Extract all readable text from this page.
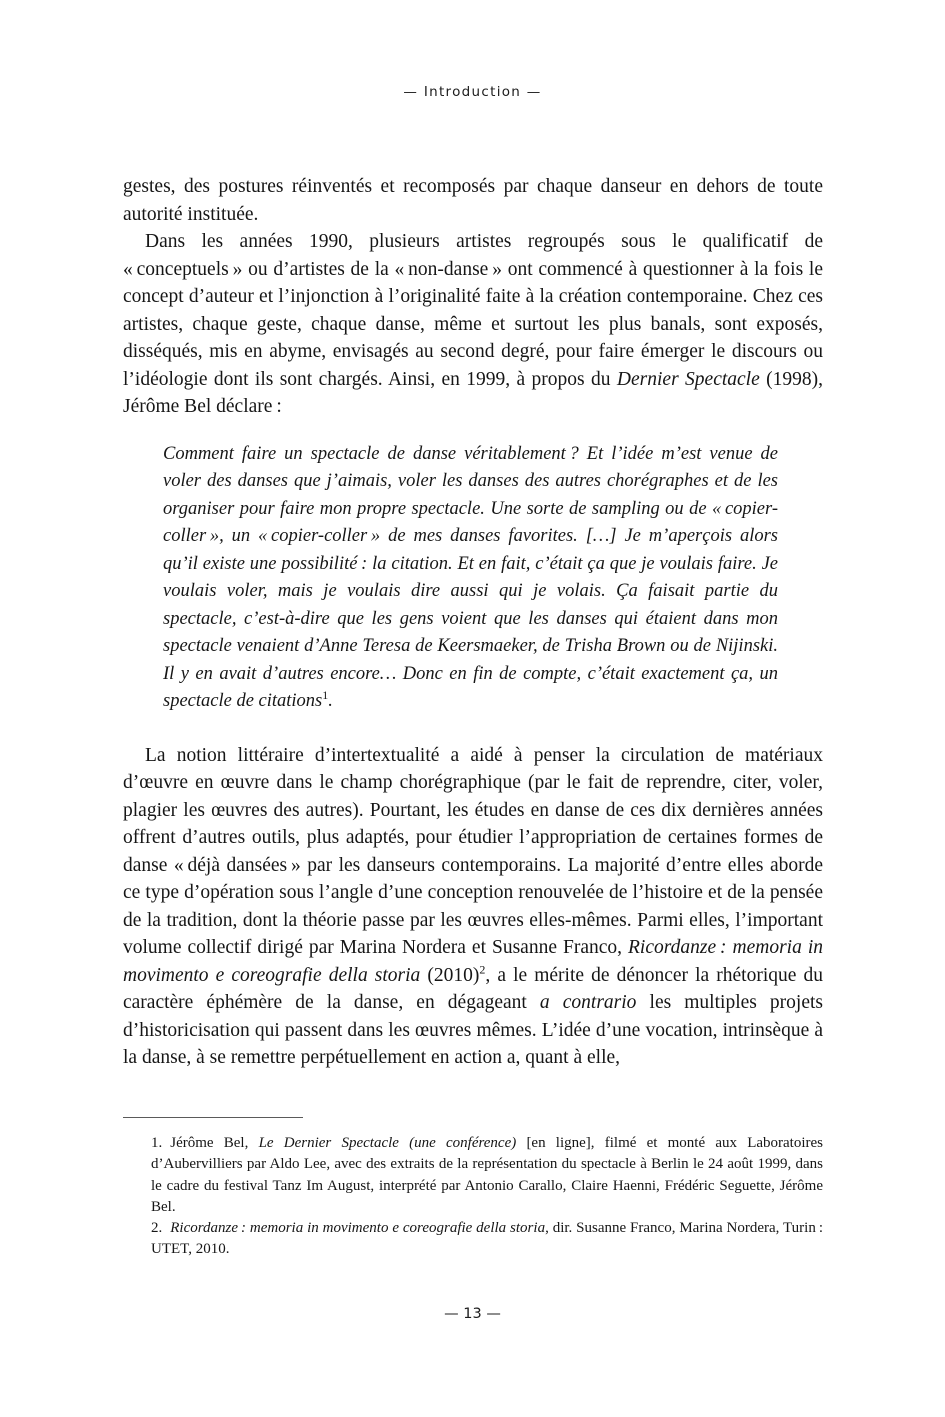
— Introduction —

gestes, des postures réinventés et recomposés par chaque danseur en dehors de toute autorité instituée.

Dans les années 1990, plusieurs artistes regroupés sous le qualificatif de « conceptuels » ou d’artistes de la « non-danse » ont commencé à questionner à la fois le concept d’auteur et l’injonction à l’originalité faite à la création contemporaine. Chez ces artistes, chaque geste, chaque danse, même et surtout les plus banals, sont exposés, disséqués, mis en abyme, envisagés au second degré, pour faire émerger le discours ou l’idéologie dont ils sont chargés. Ainsi, en 1999, à propos du Dernier Spectacle (1998), Jérôme Bel déclare :

Comment faire un spectacle de danse véritablement ? Et l’idée m’est venue de voler des danses que j’aimais, voler les danses des autres chorégraphes et de les organiser pour faire mon propre spectacle. Une sorte de sampling ou de « copier-coller », un « copier-coller » de mes danses favorites. […] Je m’aperçois alors qu’il existe une possibilité : la citation. Et en fait, c’était ça que je voulais faire. Je voulais voler, mais je voulais dire aussi qui je volais. Ça faisait partie du spectacle, c’est-à-dire que les gens voient que les danses qui étaient dans mon spectacle venaient d’Anne Teresa de Keersmaeker, de Trisha Brown ou de Nijinski. Il y en avait d’autres encore… Donc en fin de compte, c’était exactement ça, un spectacle de citations$^1$.

La notion littéraire d’intertextualité a aidé à penser la circulation de matériaux d’œuvre en œuvre dans le champ chorégraphique (par le fait de reprendre, citer, voler, plagier les œuvres des autres). Pourtant, les études en danse de ces dix dernières années offrent d’autres outils, plus adaptés, pour étudier l’appropriation de certaines formes de danse « déjà dansées » par les danseurs contemporains. La majorité d’entre elles aborde ce type d’opération sous l’angle d’une conception renouvelée de l’histoire et de la pensée de la tradition, dont la théorie passe par les œuvres elles-mêmes. Parmi elles, l’important volume collectif dirigé par Marina Nordera et Susanne Franco, Ricordanze : memoria in movimento e coreografie della storia (2010)$^2$, a le mérite de dénoncer la rhétorique du caractère éphémère de la danse, en dégageant a contrario les multiples projets d’historicisation qui passent dans les œuvres mêmes. L’idée d’une vocation, intrinsèque à la danse, à se remettre perpétuellement en action a, quant à elle,

1. Jérôme Bel, Le Dernier Spectacle (une conférence) [en ligne], filmé et monté aux Laboratoires d’Aubervilliers par Aldo Lee, avec des extraits de la représentation du spectacle à Berlin le 24 août 1999, dans le cadre du festival Tanz Im August, interprété par Antonio Carallo, Claire Haenni, Frédéric Seguette, Jérôme Bel.

2. Ricordanze : memoria in movimento e coreografie della storia, dir. Susanne Franco, Marina Nordera, Turin : UTET, 2010.

— 13 —
